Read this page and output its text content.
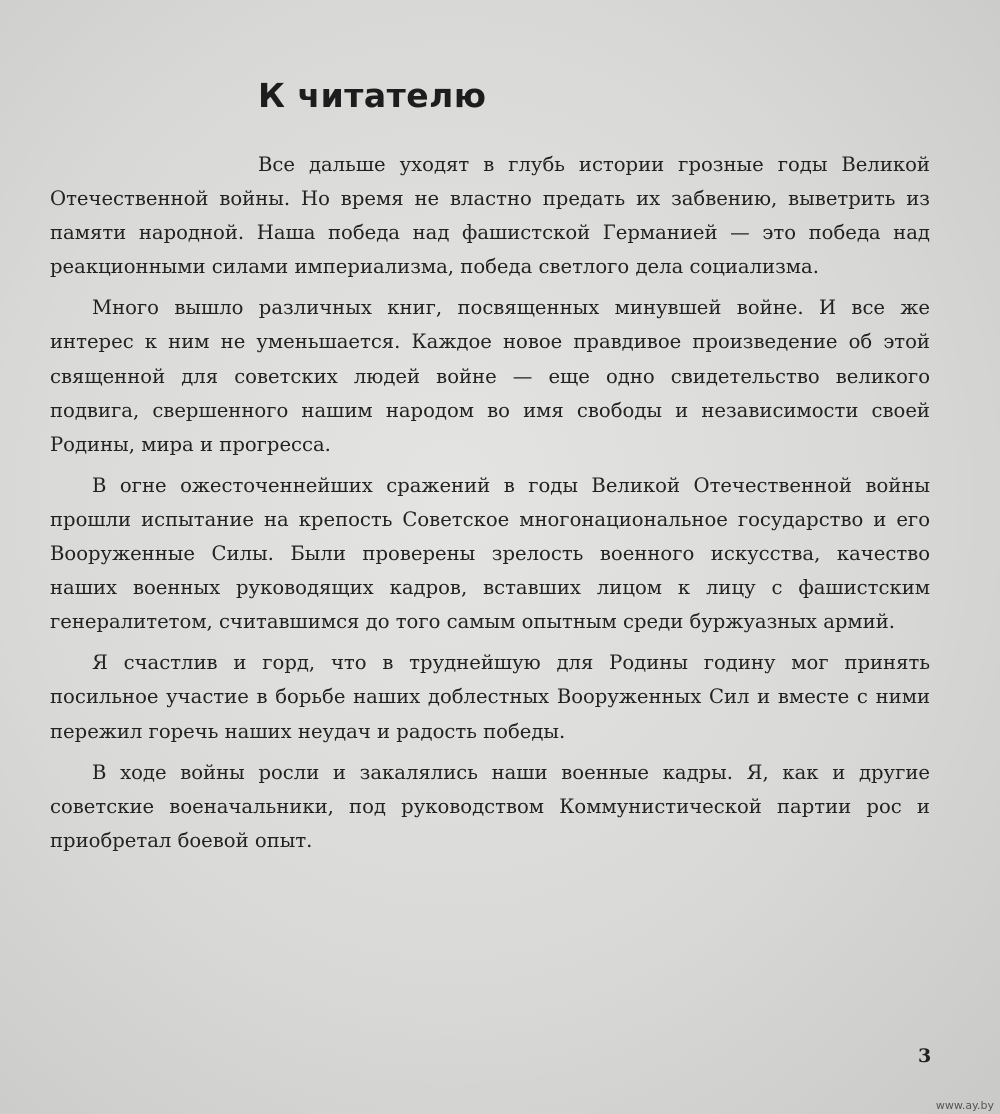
К читателю

Все дальше уходят в глубь истории грозные годы Великой Отечественной войны. Но время не властно предать их забвению, выветрить из памяти народной. Наша победа над фашистской Германией — это победа над реакционными силами империализма, победа светлого дела социализма.

Много вышло различных книг, посвященных минувшей войне. И все же интерес к ним не уменьшается. Каждое новое правдивое произведение об этой священной для советских людей войне — еще одно свидетельство великого подвига, свершенного нашим народом во имя свободы и независимости своей Родины, мира и прогресса.

В огне ожесточеннейших сражений в годы Великой Отечественной войны прошли испытание на крепость Советское многонациональное государство и его Вооруженные Силы. Были проверены зрелость военного искусства, качество наших военных руководящих кадров, вставших лицом к лицу с фашистским генералитетом, считавшимся до того самым опытным среди буржуазных армий.

Я счастлив и горд, что в труднейшую для Родины годину мог принять посильное участие в борьбе наших доблестных Вооруженных Сил и вместе с ними пережил горечь наших неудач и радость победы.

В ходе войны росли и закалялись наши военные кадры. Я, как и другие советские военачальники, под руководством Коммунистической партии рос и приобретал боевой опыт.

3
www.ay.by
